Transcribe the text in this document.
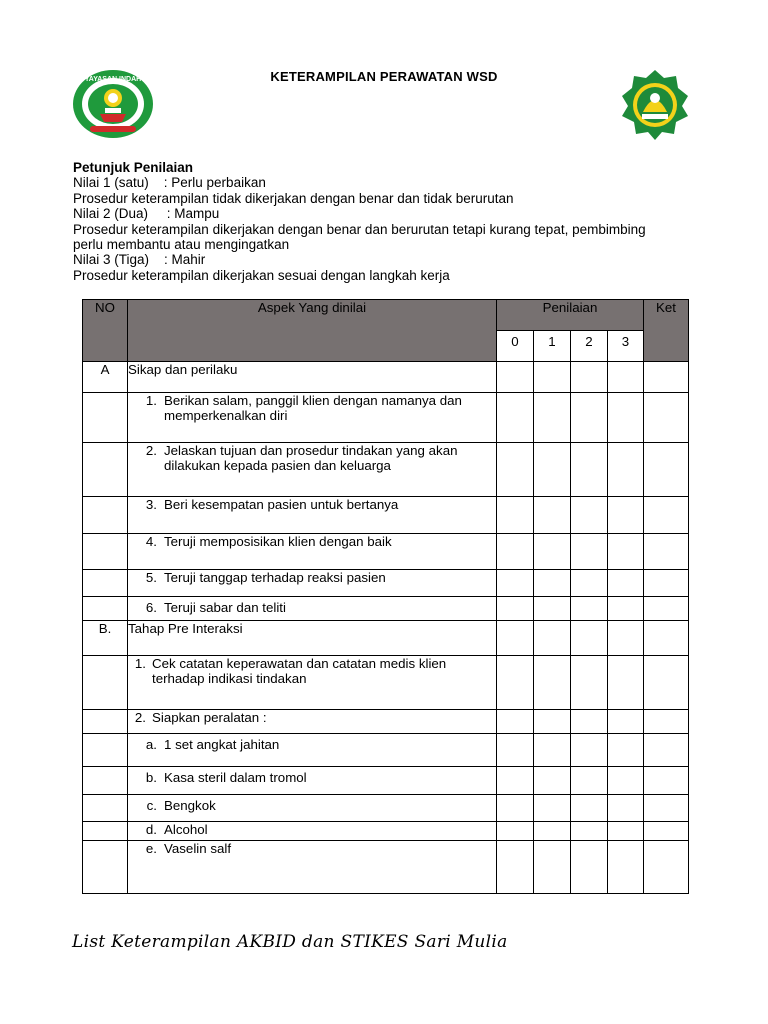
YAYASAN INDAH	KETERAMPILAN PERAWATAN WSD
Petunjuk Penilaian
Nilai 1 (satu)    : Perlu perbaikan
Prosedur keterampilan tidak dikerjakan dengan benar dan tidak berurutan
Nilai 2 (Dua)     : Mampu
Prosedur keterampilan dikerjakan dengan benar dan berurutan tetapi kurang tepat, pembimbing
perlu membantu atau mengingatkan
Nilai 3 (Tiga)    : Mahir
Prosedur keterampilan dikerjakan sesuai dengan langkah kerja
NO	Aspek Yang dinilai	Penilaian				Ket
		0	1	2	3	
A	Sikap dan perilaku					
	1. Berikan salam, panggil klien dengan namanya dan memperkenalkan diri					
	2. Jelaskan tujuan dan prosedur tindakan yang akan dilakukan kepada pasien dan keluarga					
	3. Beri kesempatan pasien untuk bertanya					
	4. Teruji memposisikan klien dengan baik					
	5. Teruji tanggap terhadap reaksi pasien					
	6. Teruji sabar dan teliti					
B.	Tahap Pre Interaksi					
	1. Cek catatan keperawatan dan catatan medis klien terhadap indikasi tindakan					
	2. Siapkan peralatan :					
	a. 1 set angkat jahitan					
	b. Kasa steril dalam tromol					
	c. Bengkok					
	d. Alcohol					
	e. Vaselin salf					
List Keterampilan AKBID dan STIKES Sari Mulia
